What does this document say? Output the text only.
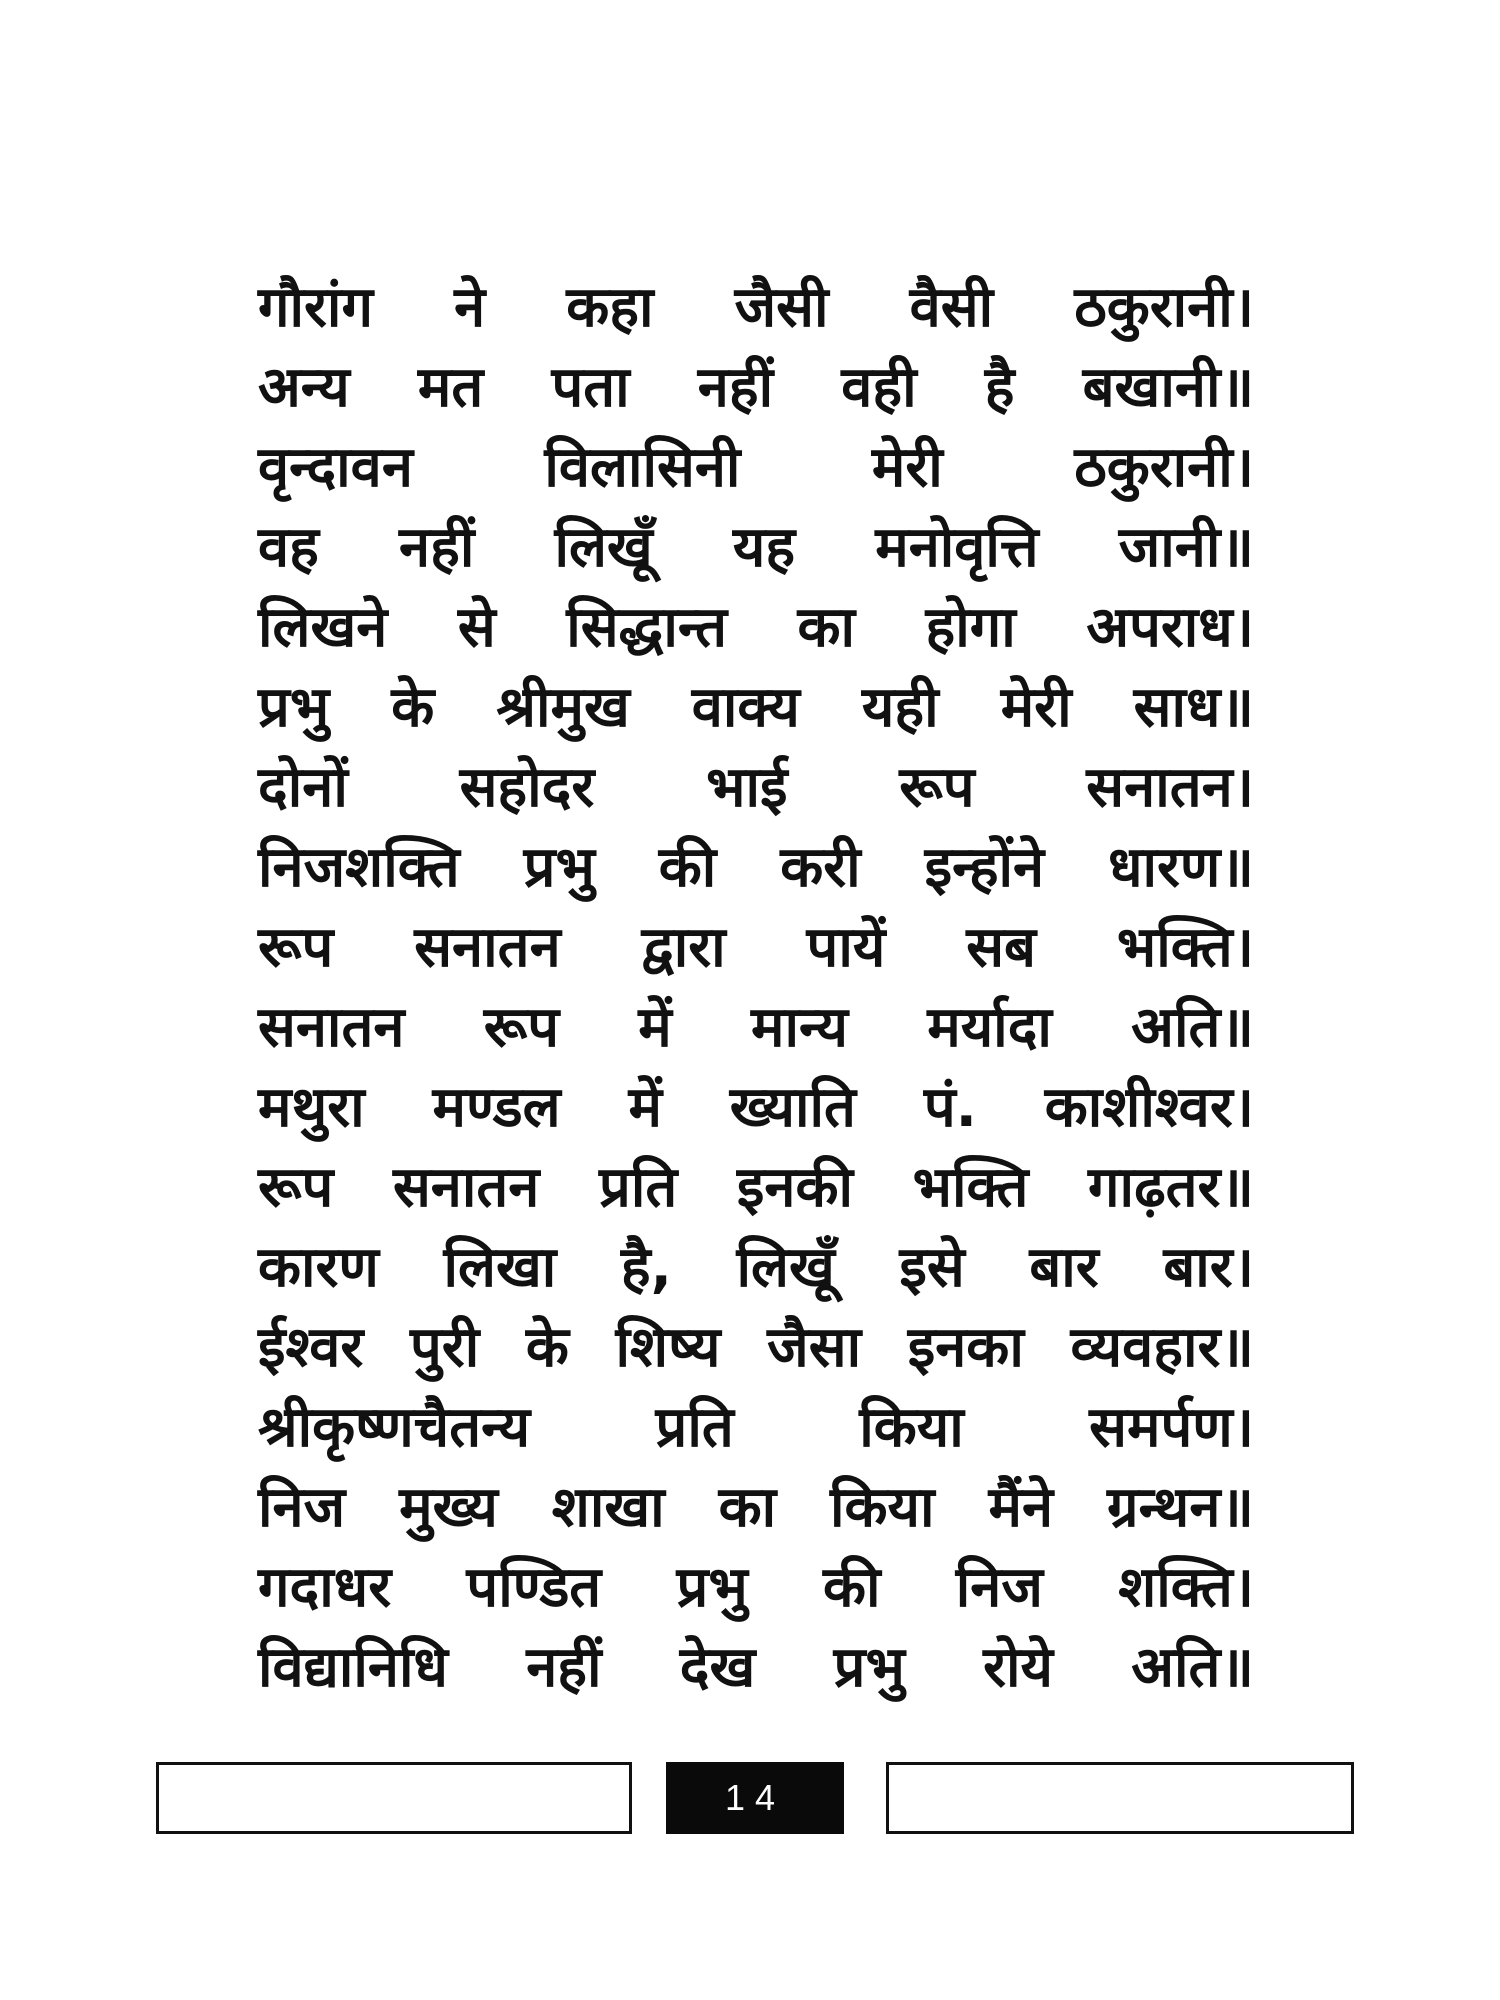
गौरांग ने कहा जैसी वैसी ठकुरानी।
अन्य मत पता नहीं वही है बखानी॥
वृन्दावन विलासिनी मेरी ठकुरानी।
वह नहीं लिखूँ यह मनोवृत्ति जानी॥
लिखने से सिद्धान्त का होगा अपराध।
प्रभु के श्रीमुख वाक्य यही मेरी साध॥
दोनों सहोदर भाई रूप सनातन।
निजशक्ति प्रभु की करी इन्होंने धारण॥
रूप सनातन द्वारा पायें सब भक्ति।
सनातन रूप में मान्य मर्यादा अति॥
मथुरा मण्डल में ख्याति पं. काशीश्वर।
रूप सनातन प्रति इनकी भक्ति गाढ़तर॥
कारण लिखा है, लिखूँ इसे बार बार।
ईश्वर पुरी के शिष्य जैसा इनका व्यवहार॥
श्रीकृष्णचैतन्य प्रति किया समर्पण।
निज मुख्य शाखा का किया मैंने ग्रन्थन॥
गदाधर पण्डित प्रभु की निज शक्ति।
विद्यानिधि नहीं देख प्रभु रोये अति॥
14
